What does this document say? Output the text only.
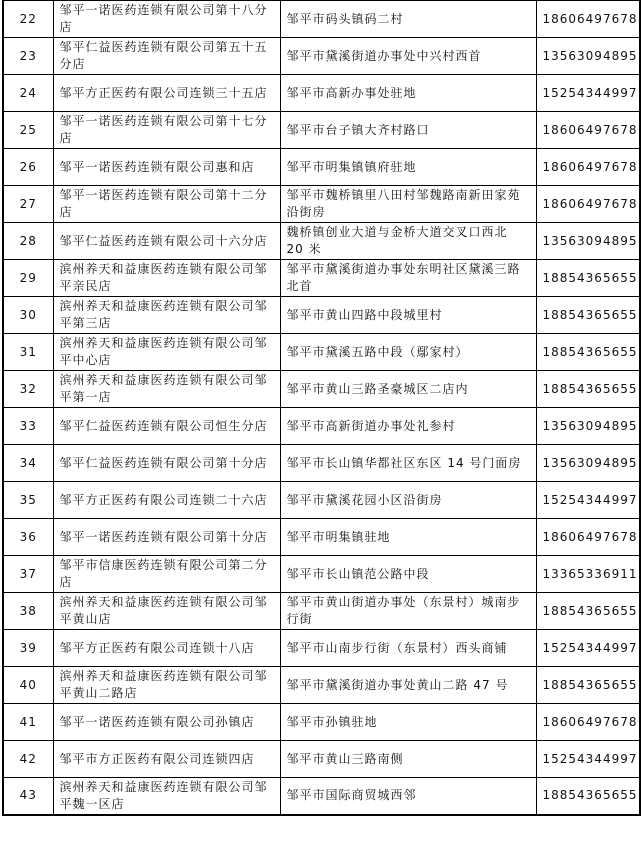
22	邹平一诺医药连锁有限公司第十八分店	邹平市码头镇码二村	18606497678
23	邹平仁益医药连锁有限公司第五十五分店	邹平市黛溪街道办事处中兴村西首	13563094895
24	邹平方正医药有限公司连锁三十五店	邹平市高新办事处驻地	15254344997
25	邹平一诺医药连锁有限公司第十七分店	邹平市台子镇大齐村路口	18606497678
26	邹平一诺医药连锁有限公司惠和店	邹平市明集镇镇府驻地	18606497678
27	邹平一诺医药连锁有限公司第十二分店	邹平市魏桥镇里八田村邹魏路南新田家苑沿街房	18606497678
28	邹平仁益医药连锁有限公司十六分店	魏桥镇创业大道与金桥大道交叉口西北 20 米	13563094895
29	滨州养天和益康医药连锁有限公司邹平亲民店	邹平市黛溪街道办事处东明社区黛溪三路北首	18854365655
30	滨州养天和益康医药连锁有限公司邹平第三店	邹平市黄山四路中段城里村	18854365655
31	滨州养天和益康医药连锁有限公司邹平中心店	邹平市黛溪五路中段（鄢家村）	18854365655
32	滨州养天和益康医药连锁有限公司邹平第一店	邹平市黄山三路圣豪城区二店内	18854365655
33	邹平仁益医药连锁有限公司恒生分店	邹平市高新街道办事处礼参村	13563094895
34	邹平仁益医药连锁有限公司第十分店	邹平市长山镇华都社区东区 14 号门面房	13563094895
35	邹平方正医药有限公司连锁二十六店	邹平市黛溪花园小区沿街房	15254344997
36	邹平一诺医药连锁有限公司第十分店	邹平市明集镇驻地	18606497678
37	邹平市信康医药连锁有限公司第二分店	邹平市长山镇范公路中段	13365336911
38	滨州养天和益康医药连锁有限公司邹平黄山店	邹平市黄山街道办事处（东景村）城南步行街	18854365655
39	邹平方正医药有限公司连锁十八店	邹平市山南步行街（东景村）西头商铺	15254344997
40	滨州养天和益康医药连锁有限公司邹平黄山二路店	邹平市黛溪街道办事处黄山二路 47 号	18854365655
41	邹平一诺医药连锁有限公司孙镇店	邹平市孙镇驻地	18606497678
42	邹平市方正医药有限公司连锁四店	邹平市黄山三路南侧	15254344997
43	滨州养天和益康医药连锁有限公司邹平魏一区店	邹平市国际商贸城西邻	18854365655
